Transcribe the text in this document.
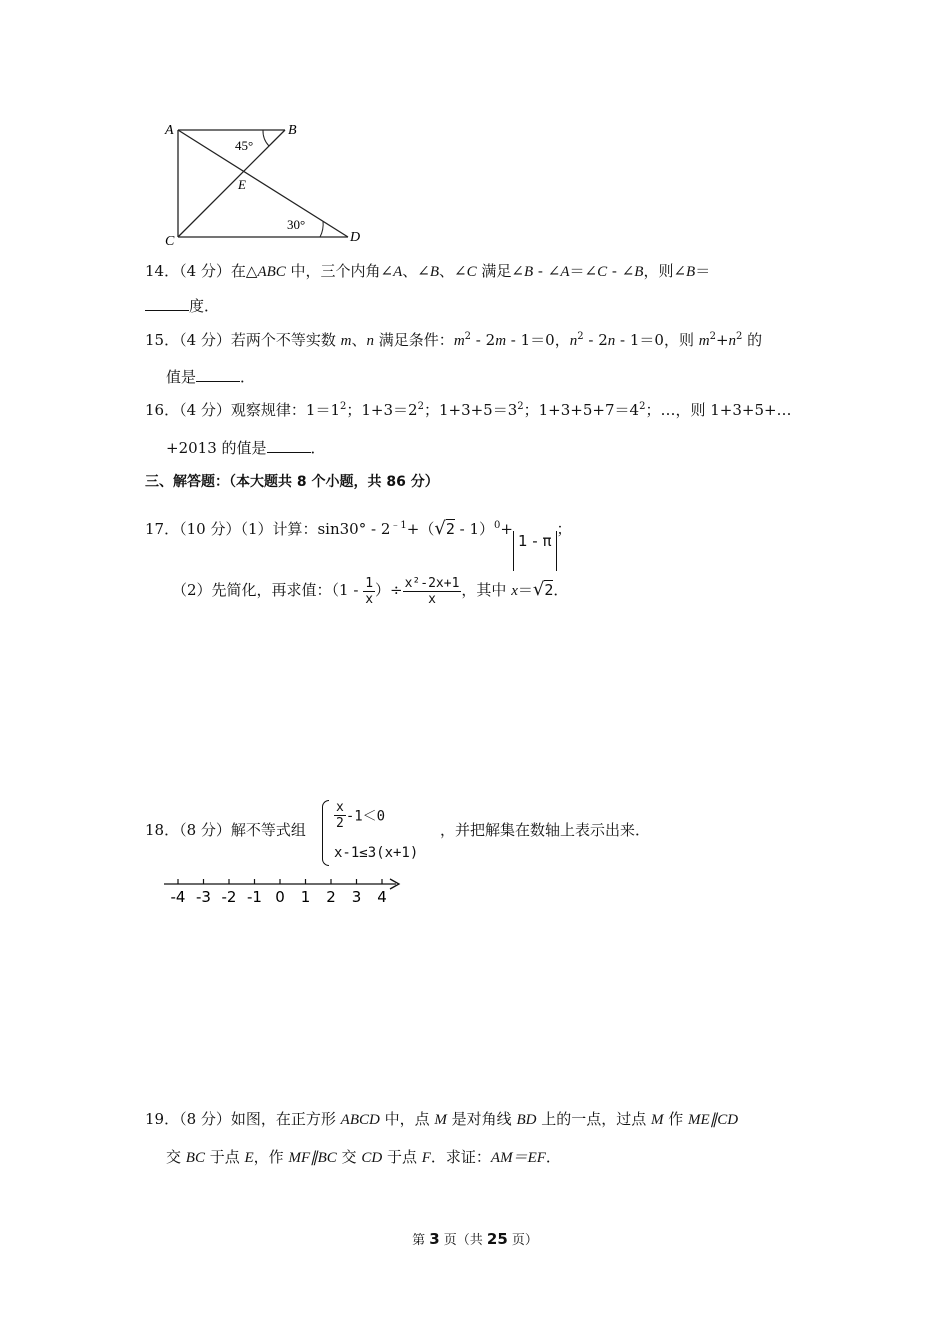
A	B
C	D
E
45°
30°
14．（4 分）在△ABC 中，三个内角∠A、∠B、∠C 满足∠B ‑ ∠A＝∠C ‑ ∠B，则∠B＝
度．
15．（4 分）若两个不等实数 m、n 满足条件：$m^2$ ‑ 2m ‑ 1＝0，$n^2$ ‑ 2n ‑ 1＝0，则 $m^2+n^2$ 的
值是	．
16．（4 分）观察规律：$1=1^2$；$1+3=2^2$；$1+3+5=3^2$；$1+3+5+7=4^2$；…，则 1+3+5+…
+2013 的值是	．
三、解答题：（本大题共 8 个小题，共 86 分）
17．（10 分）（1）计算：sin30° ‑ $2^{﹣1}+(√2$ ‑ 1）$^0$+1 ‑ π；
（2）先简化，再求值：（1 ‑ $\frac{1}{x}$ ）÷ $\frac{\text{x²‑2x+1}}{x}$ ，其中 x＝√2．
18．（8 分）解不等式组 $\frac{x}{2}$ ‑1＜0
x‑1≤3(x+1)
，并把解集在数轴上表示出来．
-4 -3 -2 -1 0 1 2 3 4
19．（8 分）如图，在正方形 ABCD 中，点 M 是对角线 BD 上的一点，过点 M 作 ME∥CD
交 BC 于点 E，作 MF∥BC 交 CD 于点 F．求证：AM＝EF．
第 3 页（共 25 页）
